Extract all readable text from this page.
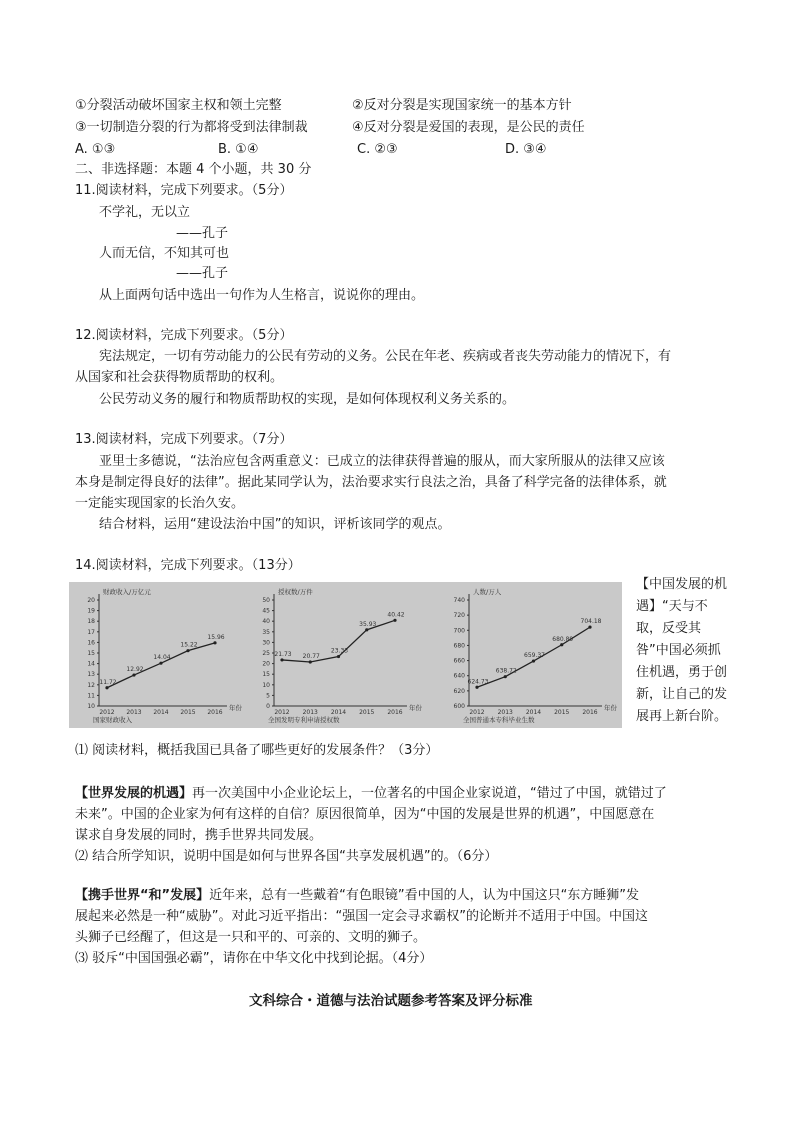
①分裂活动破坏国家主权和领土完整	②反对分裂是实现国家统一的基本方针
③一切制造分裂的行为都将受到法律制裁	④反对分裂是爱国的表现，是公民的责任
A. ①③	B. ①④	C. ②③	D. ③④
二、非选择题：本题 4 个小题，共 30 分
11.阅读材料，完成下列要求。（5分）
不学礼，无以立
——孔子
人而无信，不知其可也
——孔子
从上面两句话中选出一句作为人生格言，说说你的理由。
12.阅读材料，完成下列要求。（5分）
宪法规定，一切有劳动能力的公民有劳动的义务。公民在年老、疾病或者丧失劳动能力的情况下，有
从国家和社会获得物质帮助的权利。
公民劳动义务的履行和物质帮助权的实现，是如何体现权利义务关系的。
13.阅读材料，完成下列要求。（7分）
亚里士多德说，“法治应包含两重意义：已成立的法律获得普遍的服从，而大家所服从的法律又应该
本身是制定得良好的法律”。据此某同学认为，法治要求实行良法之治，具备了科学完备的法律体系，就
一定能实现国家的长治久安。
结合材料，运用“建设法治中国”的知识，评析该同学的观点。
14.阅读材料，完成下列要求。（13分）
10
11
12
13
14
15
16
17
18
19
20
2012 2013 2014 2015 2016
财政收入/万亿元
年份
国家财政收入
11.72
12.92
14.04
15.22
15.96
0
5
10
15
20
25
30
35
40
45
50
2012 2013 2014 2015 2016
授权数/万件
年份
全国发明专利申请授权数
21.73 20.77
23.33
35.93
40.42
600
620
640
660
680
700
720
740
2012 2013 2014 2015 2016
人数/万人
年份
全国普通本专科毕业生数
624.73
638.72
659.37
680.89
704.18
【中国发展的机遇】“天与不取，反受其咎”中国必须抓住机遇，勇于创新，让自己的发展再上新台阶。
⑴ 阅读材料，概括我国已具备了哪些更好的发展条件？（3分）
【世界发展的机遇】再一次美国中小企业论坛上，一位著名的中国企业家说道，“错过了中国，就错过了
未来”。中国的企业家为何有这样的自信？原因很简单，因为“中国的发展是世界的机遇”，中国愿意在
谋求自身发展的同时，携手世界共同发展。
⑵ 结合所学知识，说明中国是如何与世界各国“共享发展机遇”的。（6分）
【携手世界“和”发展】近年来，总有一些戴着“有色眼镜”看中国的人，认为中国这只“东方睡狮”发
展起来必然是一种“威胁”。对此习近平指出：“强国一定会寻求霸权”的论断并不适用于中国。中国这
头狮子已经醒了，但这是一只和平的、可亲的、文明的狮子。
⑶ 驳斥“中国国强必霸”，请你在中华文化中找到论据。（4分）
文科综合・道德与法治试题参考答案及评分标准
